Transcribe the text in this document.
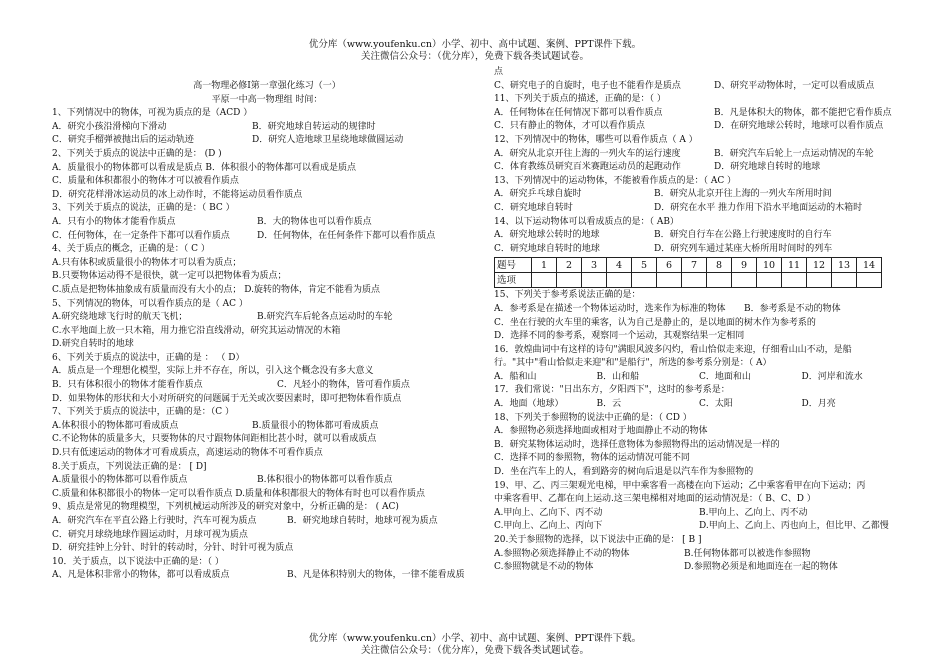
优分库（www.youfenku.cn）小学、初中、高中试题、案例、PPT课件下载。
关注微信公众号：（优分库），免费下载各类试题试卷。
高一物理必修Ⅰ第一章强化练习（一）
平原一中高一物理组 时间：
1、下列情况中的物体，可视为质点的是（ACD ）
A．研究小孩沿滑梯向下滑动	B．研究地球自转运动的规律时
C．研究手榴弹被抛出后的运动轨迹	D．研究人造地球卫星绕地球做圆运动
2、下列关于质点的说法中正确的是： (D )
A．质量很小的物体都可以看成是质点 B．体积很小的物体都可以看成是质点
C．质量和体积都很小的物体才可以被看作质点
D．研究花样滑冰运动员的冰上动作时，不能将运动员看作质点
3、下列关于质点的说法，正确的是：（ BC ）
A．只有小的物体才能看作质点	B．大的物体也可以看作质点
C．任何物体，在一定条件下都可以看作质点	D．任何物体，在任何条件下都可以看作质点
4、关于质点的概念，正确的是：（ C ）
A.只有体积或质量很小的物体才可以看为质点；
B.只要物体运动得不是很快，就一定可以把物体看为质点；
C.质点是把物体抽象成有质量而没有大小的点； D.旋转的物体，肯定不能看为质点
5、下列情况的物体，可以看作质点的是（ AC ）
A.研究绕地球飞行时的航天飞机；	B.研究汽车后轮各点运动时的车轮
C.水平地面上放一只木箱，用力推它沿直线滑动，研究其运动情况的木箱
D.研究自转时的地球
6、下列关于质点的说法中，正确的是 ： （ D）
A．质点是一个理想化模型，实际上并不存在，所以，引入这个概念没有多大意义
B．只有体积很小的物体才能看作质点	C．凡轻小的物体，皆可看作质点
D．如果物体的形状和大小对所研究的问题属于无关或次要因素时，即可把物体看作质点
7、下列关于质点的说法中，正确的是：（C ）
A.体积很小的物体都可看成质点	B.质量很小的物体都可看成质点
C.不论物体的质量多大，只要物体的尺寸跟物体间距相比甚小时，就可以看成质点
D.只有低速运动的物体才可看成质点，高速运动的物体不可看作质点
8.关于质点，下列说法正确的是： [ D]
A.质量很小的物体都可以看作质点	B.体积很小的物体都可以看作质点
C.质量和体积都很小的物体一定可以看作质点 D.质量和体积都很大的物体有时也可以看作质点
9、质点是常见的物理模型，下列机械运动所涉及的研究对象中，分析正确的是： ( AC)
A．研究汽车在平直公路上行驶时，汽车可视为质点	B．研究地球自转时，地球可视为质点
C．研究月球绕地球作圆运动时，月球可视为质点
D．研究挂钟上分针、时针的转动时，分针、时针可视为质点
10．关于质点，以下说法中正确的是：（ ）
A、凡是体积非常小的物体，都可以看成质点	B、凡是体积特别大的物体，一律不能看成质
点
C、研究电子的自旋时，电子也不能看作是质点	D、研究平动物体时，一定可以看成质点
11、下列关于质点的描述，正确的是：（ ）
A．任何物体在任何情况下都可以看作质点	B．凡是体积大的物体，都不能把它看作质点
C．只有静止的物体，才可以看作质点	D．在研究地球公转时，地球可以看作质点
12、下列情况中的物体，哪些可以看作质点（ A ）
A．研究从北京开往上海的一列火车的运行速度	B．研究汽车后轮上一点运动情况的车轮
C．体育教练员研究百米赛跑运动员的起跑动作	D．研究地球自转时的地球
13、下列情况中的运动物体，不能被看作质点的是：（ AC ）
A．研究乒乓球自旋时	B．研究从北京开往上海的一列火车所用时间
C．研究地球自转时	D．研究在水平 推力作用下沿水平地面运动的木箱时
14、以下运动物体可以看成质点的是：（ AB）
A．研究地球公转时的地球	B．研究自行车在公路上行驶速度时的自行车
C．研究地球自转时的地球	D．研究列车通过某座大桥所用时间时的列车
题号	1	2	3	4	5	6	7	8	9	10	11	12	13	14
选项														
15、下列关于参考系说法正确的是：
A．参考系是在描述一个物体运动时，选来作为标准的物体	B．参考系是不动的物体
C．坐在行驶的火车里的乘客，认为自己是静止的，是以地面的树木作为参考系的
D．选择不同的参考系，观察同一个运动，其观察结果一定相同
16．敦煌曲词中有这样的诗句"满眼风波多闪灼，看山恰似走来迎，仔细看山山不动，是船
行。"其中"看山恰似走来迎"和"是船行"，所选的参考系分别是：（ A）
A．船和山	B．山和船	C．地面和山	D．河岸和流水
17．我们常说："日出东方，夕阳西下"，这时的参考系是：
A．地面（地球）	B．云	C．太阳	D．月亮
18、下列关于参照物的说法中正确的是：（ CD ）
A．参照物必须选择地面或相对于地面静止不动的物体
B．研究某物体运动时，选择任意物体为参照物得出的运动情况是一样的
C．选择不同的参照物，物体的运动情况可能不同
D．坐在汽车上的人，看到路旁的树向后退是以汽车作为参照物的
19、甲、乙、丙三架观光电梯，甲中乘客看一高楼在向下运动；乙中乘客看甲在向下运动；丙
中乘客看甲、乙都在向上运动.这三架电梯相对地面的运动情况是：（ B、C、D ）
A.甲向上、乙向下、丙不动	B.甲向上、乙向上、丙不动
C.甲向上、乙向上、丙向下	D.甲向上、乙向上、丙也向上，但比甲、乙都慢
20.关于参照物的选择，以下说法中正确的是： [ B ]
A.参照物必须选择静止不动的物体	B.任何物体都可以被选作参照物
C.参照物就是不动的物体	D.参照物必须是和地面连在一起的物体
优分库（www.youfenku.cn）小学、初中、高中试题、案例、PPT课件下载。
关注微信公众号：（优分库），免费下载各类试题试卷。
